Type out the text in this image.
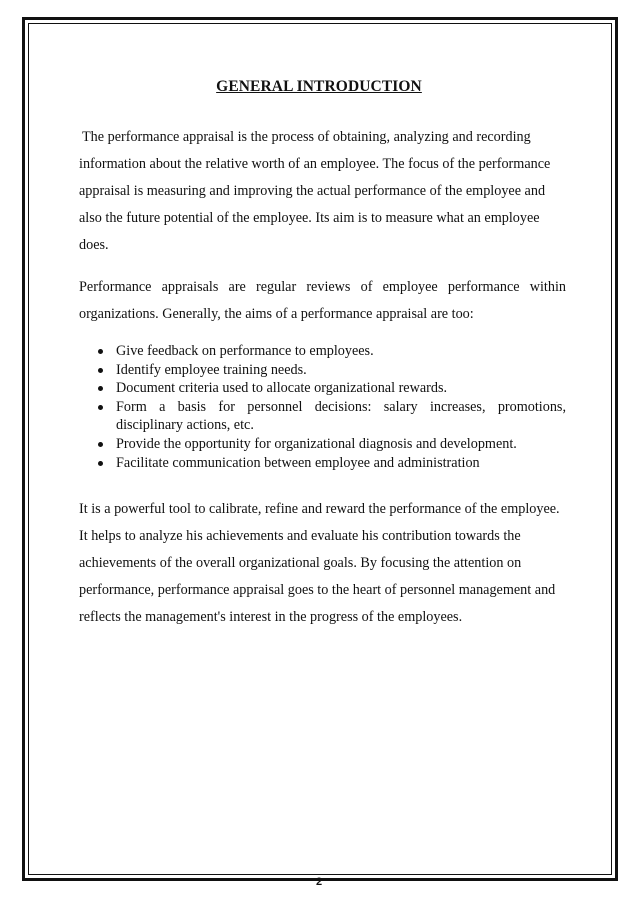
GENERAL INTRODUCTION

The performance appraisal is the process of obtaining, analyzing and recording information about the relative worth of an employee. The focus of the performance appraisal is measuring and improving the actual performance of the employee and also the future potential of the employee. Its aim is to measure what an employee does.

Performance appraisals are regular reviews of employee performance within organizations. Generally, the aims of a performance appraisal are too:

Give feedback on performance to employees.
Identify employee training needs.
Document criteria used to allocate organizational rewards.
Form a basis for personnel decisions: salary increases, promotions, disciplinary actions, etc.
Provide the opportunity for organizational diagnosis and development.
Facilitate communication between employee and administration

It is a powerful tool to calibrate, refine and reward the performance of the employee. It helps to analyze his achievements and evaluate his contribution towards the achievements of the overall organizational goals. By focusing the attention on performance, performance appraisal goes to the heart of personnel management and reflects the management's interest in the progress of the employees.

2
